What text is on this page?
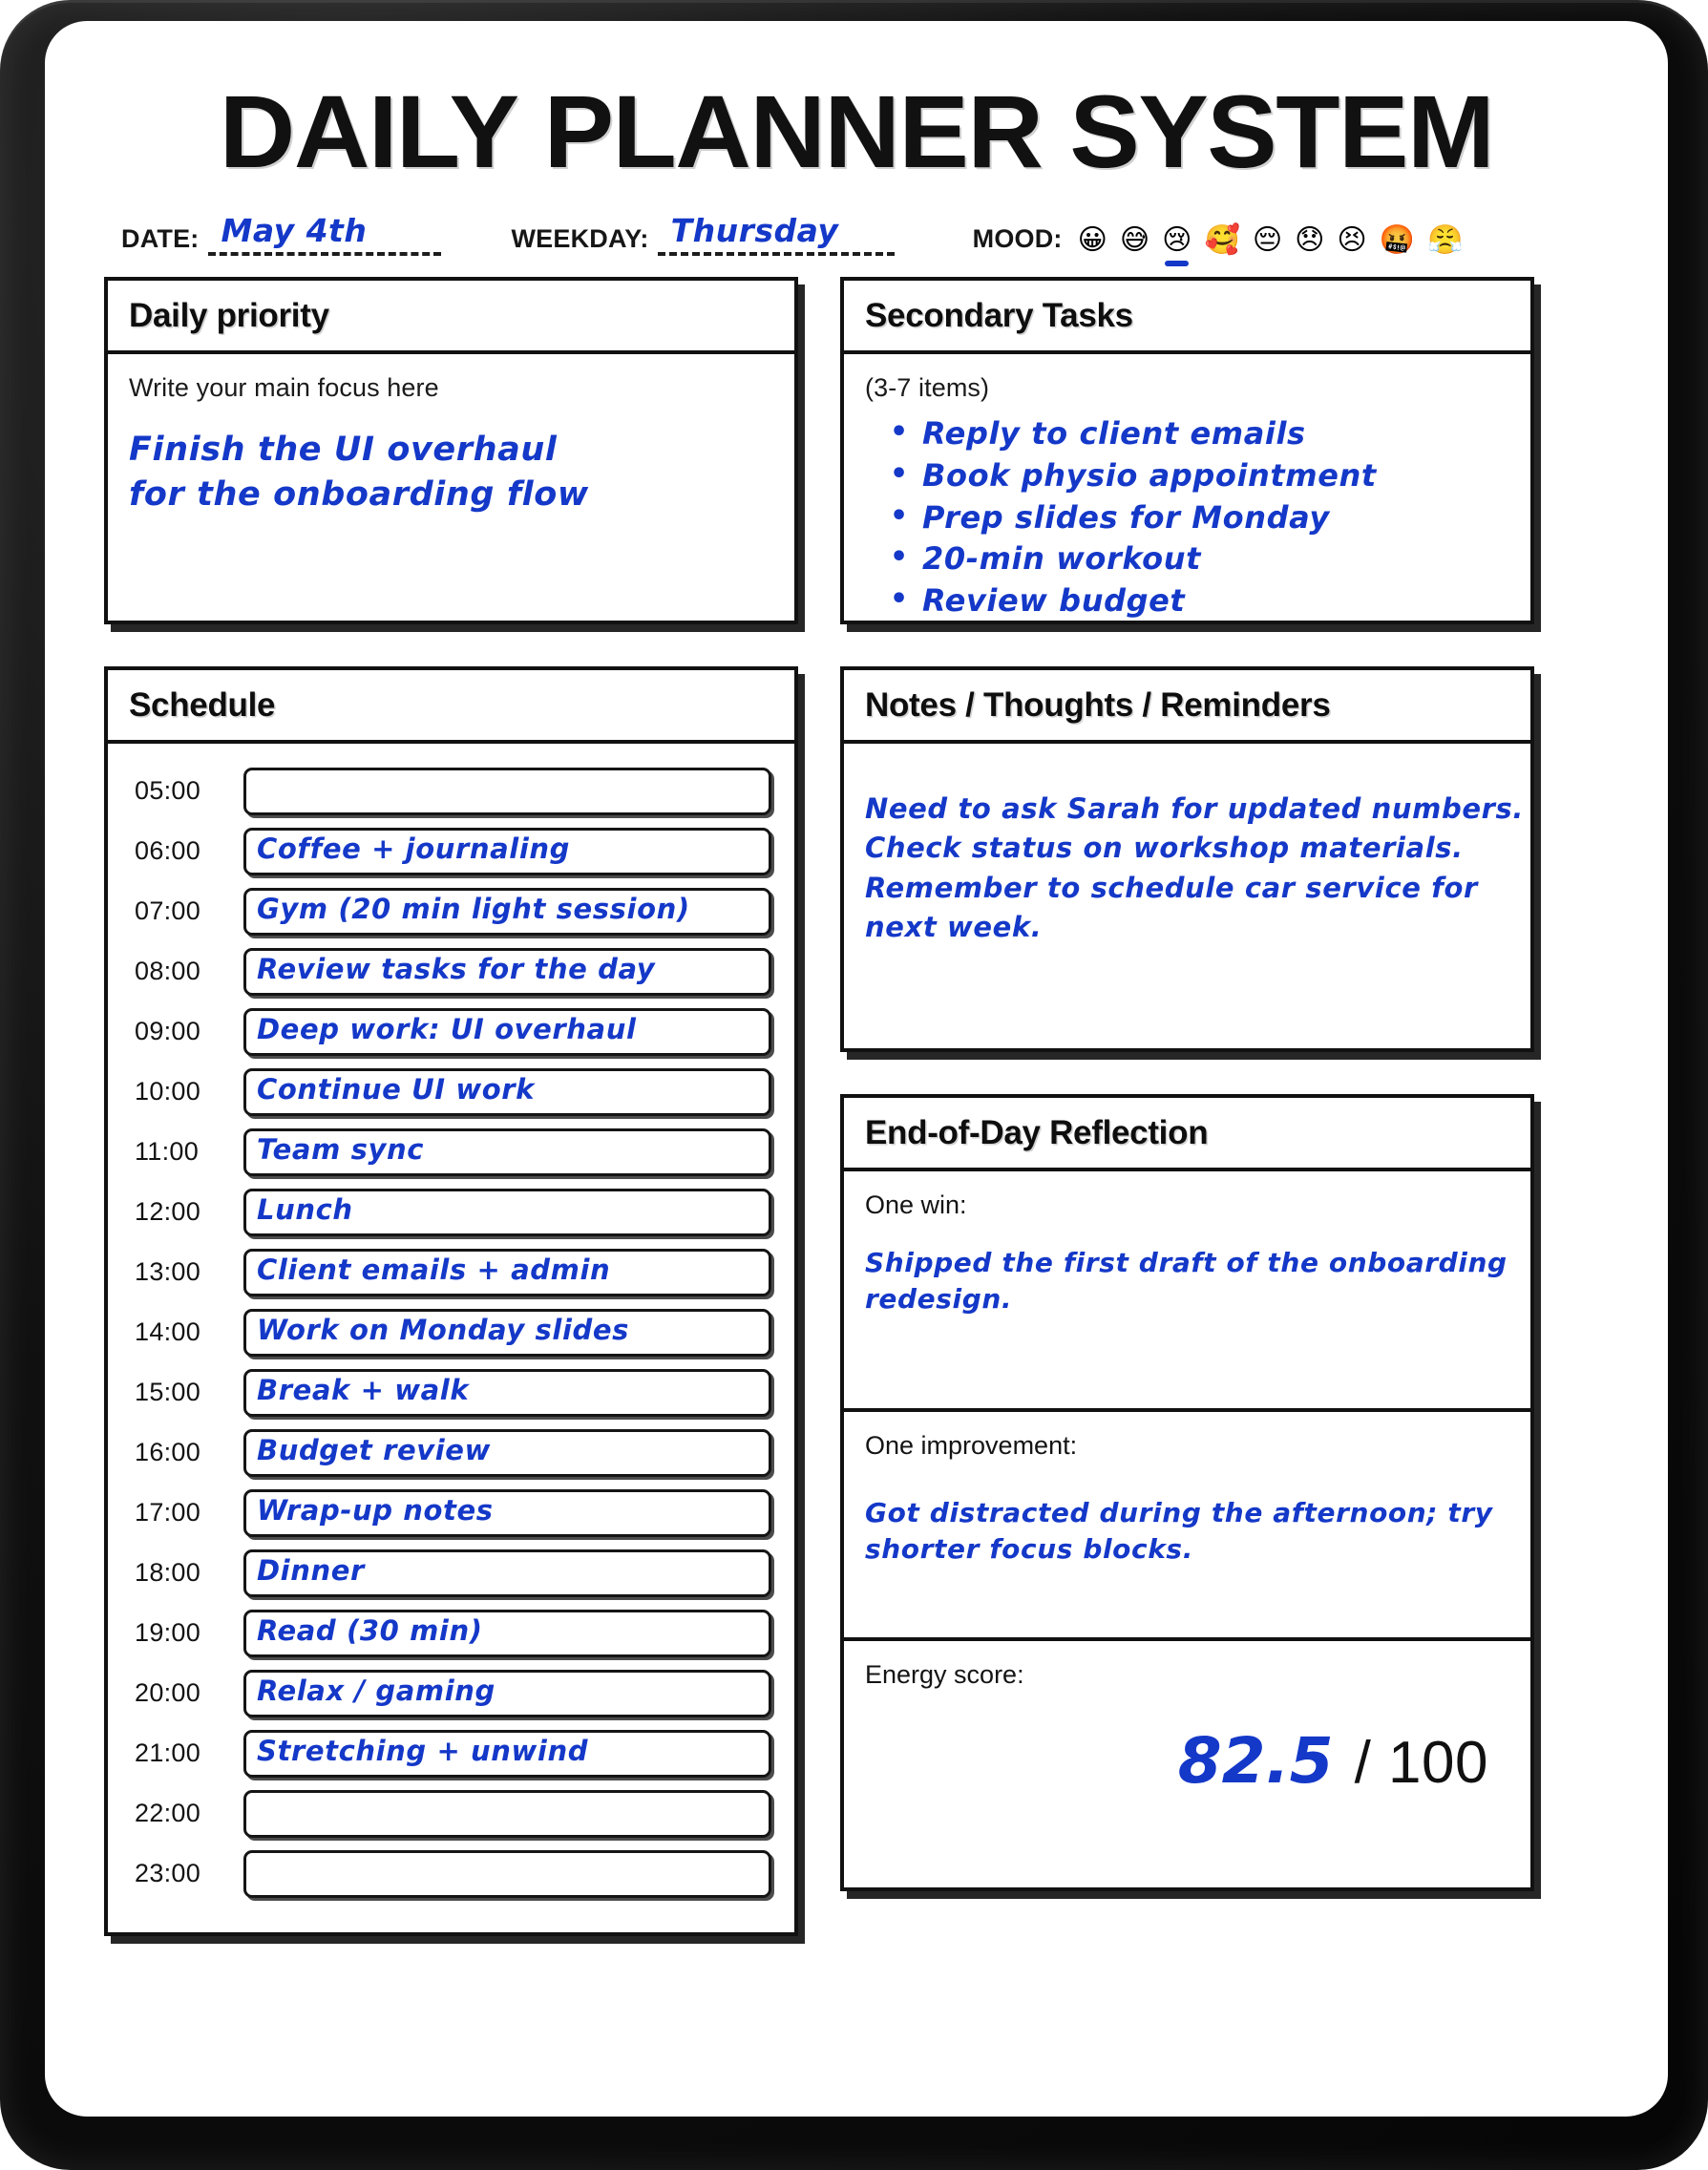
DAILY PLANNER SYSTEM
DATE: May 4th	WEEKDAY: Thursday	MOOD: 😀 😅 😢 🥰 😔 😞 😣 🤬 😤
Daily priority
Write your main focus here
Finish the UI overhaul
for the onboarding flow
Schedule
05:00
06:00	Coffee + journaling
07:00	Gym (20 min light session)
08:00	Review tasks for the day
09:00	Deep work: UI overhaul
10:00	Continue UI work
11:00	Team sync
12:00	Lunch
13:00	Client emails + admin
14:00	Work on Monday slides
15:00	Break + walk
16:00	Budget review
17:00	Wrap-up notes
18:00	Dinner
19:00	Read (30 min)
20:00	Relax / gaming
21:00	Stretching + unwind
22:00
23:00
Secondary Tasks
(3-7 items)
• Reply to client emails
• Book physio appointment
• Prep slides for Monday
• 20-min workout
• Review budget
Notes / Thoughts / Reminders
Need to ask Sarah for updated numbers. Check status on workshop materials. Remember to schedule car service for next week.
End-of-Day Reflection
One win:
Shipped the first draft of the onboarding redesign.
One improvement:
Got distracted during the afternoon; try shorter focus blocks.
Energy score:
82.5 / 100
